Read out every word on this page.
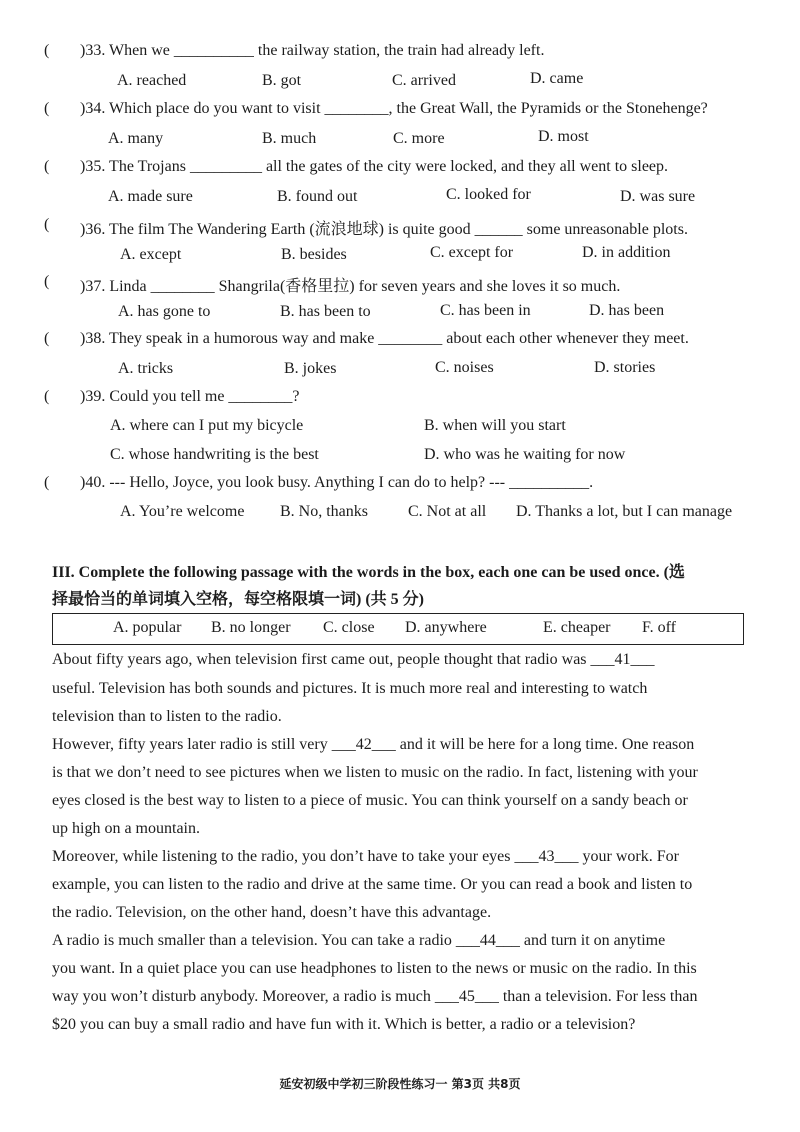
( )33. When we __________ the railway station, the train had already left.
A. reached	B. got	C. arrived	D. came
( )34. Which place do you want to visit ________, the Great Wall, the Pyramids or the Stonehenge?
A. many	B. much	C. more	D. most
( )35. The Trojans _________ all the gates of the city were locked, and they all went to sleep.
A. made sure	B. found out	C. looked for	D. was sure
( )36. The film The Wandering Earth (流浪地球) is quite good ______ some unreasonable plots.
A. except	B. besides	C. except for	D. in addition
( )37. Linda ________ Shangrila(香格里拉) for seven years and she loves it so much.
A. has gone to	B. has been to	C. has been in	D. has been
( )38. They speak in a humorous way and make ________ about each other whenever they meet.
A. tricks	B. jokes	C. noises	D. stories
( )39. Could you tell me ________?
A. where can I put my bicycle	B. when will you start
C. whose handwriting is the best	D. who was he waiting for now
( )40. --- Hello, Joyce, you look busy. Anything I can do to help? --- __________.
A. You’re welcome B. No, thanks	C. Not at all D. Thanks a lot, but I can manage
III. Complete the following passage with the words in the box, each one can be used once. (选
择最恰当的单词填入空格，每空格限填一词) (共 5 分)
A. popular B. no longer C. close D. anywhere	E. cheaper F. off
About fifty years ago, when television first came out, people thought that radio was ___41___
useful. Television has both sounds and pictures. It is much more real and interesting to watch
television than to listen to the radio.
However, fifty years later radio is still very ___42___ and it will be here for a long time. One reason
is that we don’t need to see pictures when we listen to music on the radio. In fact, listening with your
eyes closed is the best way to listen to a piece of music. You can think yourself on a sandy beach or
up high on a mountain.
Moreover, while listening to the radio, you don’t have to take your eyes ___43___ your work. For
example, you can listen to the radio and drive at the same time. Or you can read a book and listen to
the radio. Television, on the other hand, doesn’t have this advantage.
A radio is much smaller than a television. You can take a radio ___44___ and turn it on anytime
you want. In a quiet place you can use headphones to listen to the news or music on the radio. In this
way you won’t disturb anybody. Moreover, a radio is much ___45___ than a television. For less than
$20 you can buy a small radio and have fun with it. Which is better, a radio or a television?
延安初级中学初三阶段性练习一 第3页 共8页
